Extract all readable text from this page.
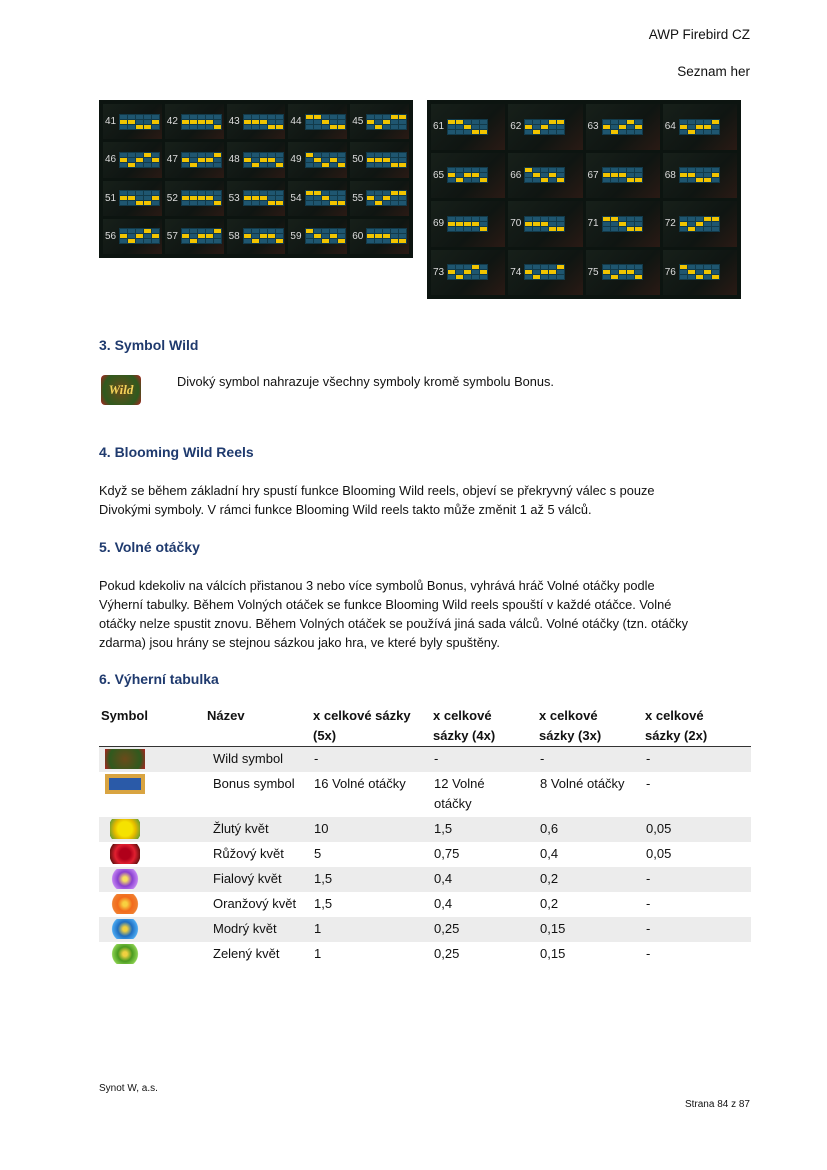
AWP Firebird CZ
Seznam her
41	42	43	44	45
46	47	48	49	50
51	52	53	54	55
56	57	58	59	60
61	62	63	64
65	66	67	68
69	70	71	72
73	74	75	76
3. Symbol Wild
Wild
Divoký symbol nahrazuje všechny symboly kromě symbolu Bonus.
4. Blooming Wild Reels
Když se během základní hry spustí funkce Blooming Wild reels, objeví se překryvný válec s pouze
Divokými symboly. V rámci funkce Blooming Wild reels takto může změnit 1 až 5 válců.
5. Volné otáčky
Pokud kdekoliv na válcích přistanou 3 nebo více symbolů Bonus, vyhrává hráč Volné otáčky podle
Výherní tabulky. Během Volných otáček se funkce Blooming Wild reels spouští v každé otáčce. Volné
otáčky nelze spustit znovu. Během Volných otáček se používá jiná sada válců. Volné otáčky (tzn. otáčky
zdarma) jsou hrány se stejnou sázkou jako hra, ve které byly spuštěny.
6. Výherní tabulka
Symbol	Název	x celkové sázky (5x)	x celkové sázky (4x)	x celkové sázky (3x)	x celkové sázky (2x)

	Wild symbol	-	-	-	-

	Bonus symbol	16 Volné otáčky	12 Volné otáčky	8 Volné otáčky	-

	Žlutý květ	10	1,5	0,6	0,05

	Růžový květ	5	0,75	0,4	0,05

	Fialový květ	1,5	0,4	0,2	-

	Oranžový květ	1,5	0,4	0,2	-

	Modrý květ	1	0,25	0,15	-

	Zelený květ	1	0,25	0,15	-
Synot W, a.s.
Strana 84 z 87
